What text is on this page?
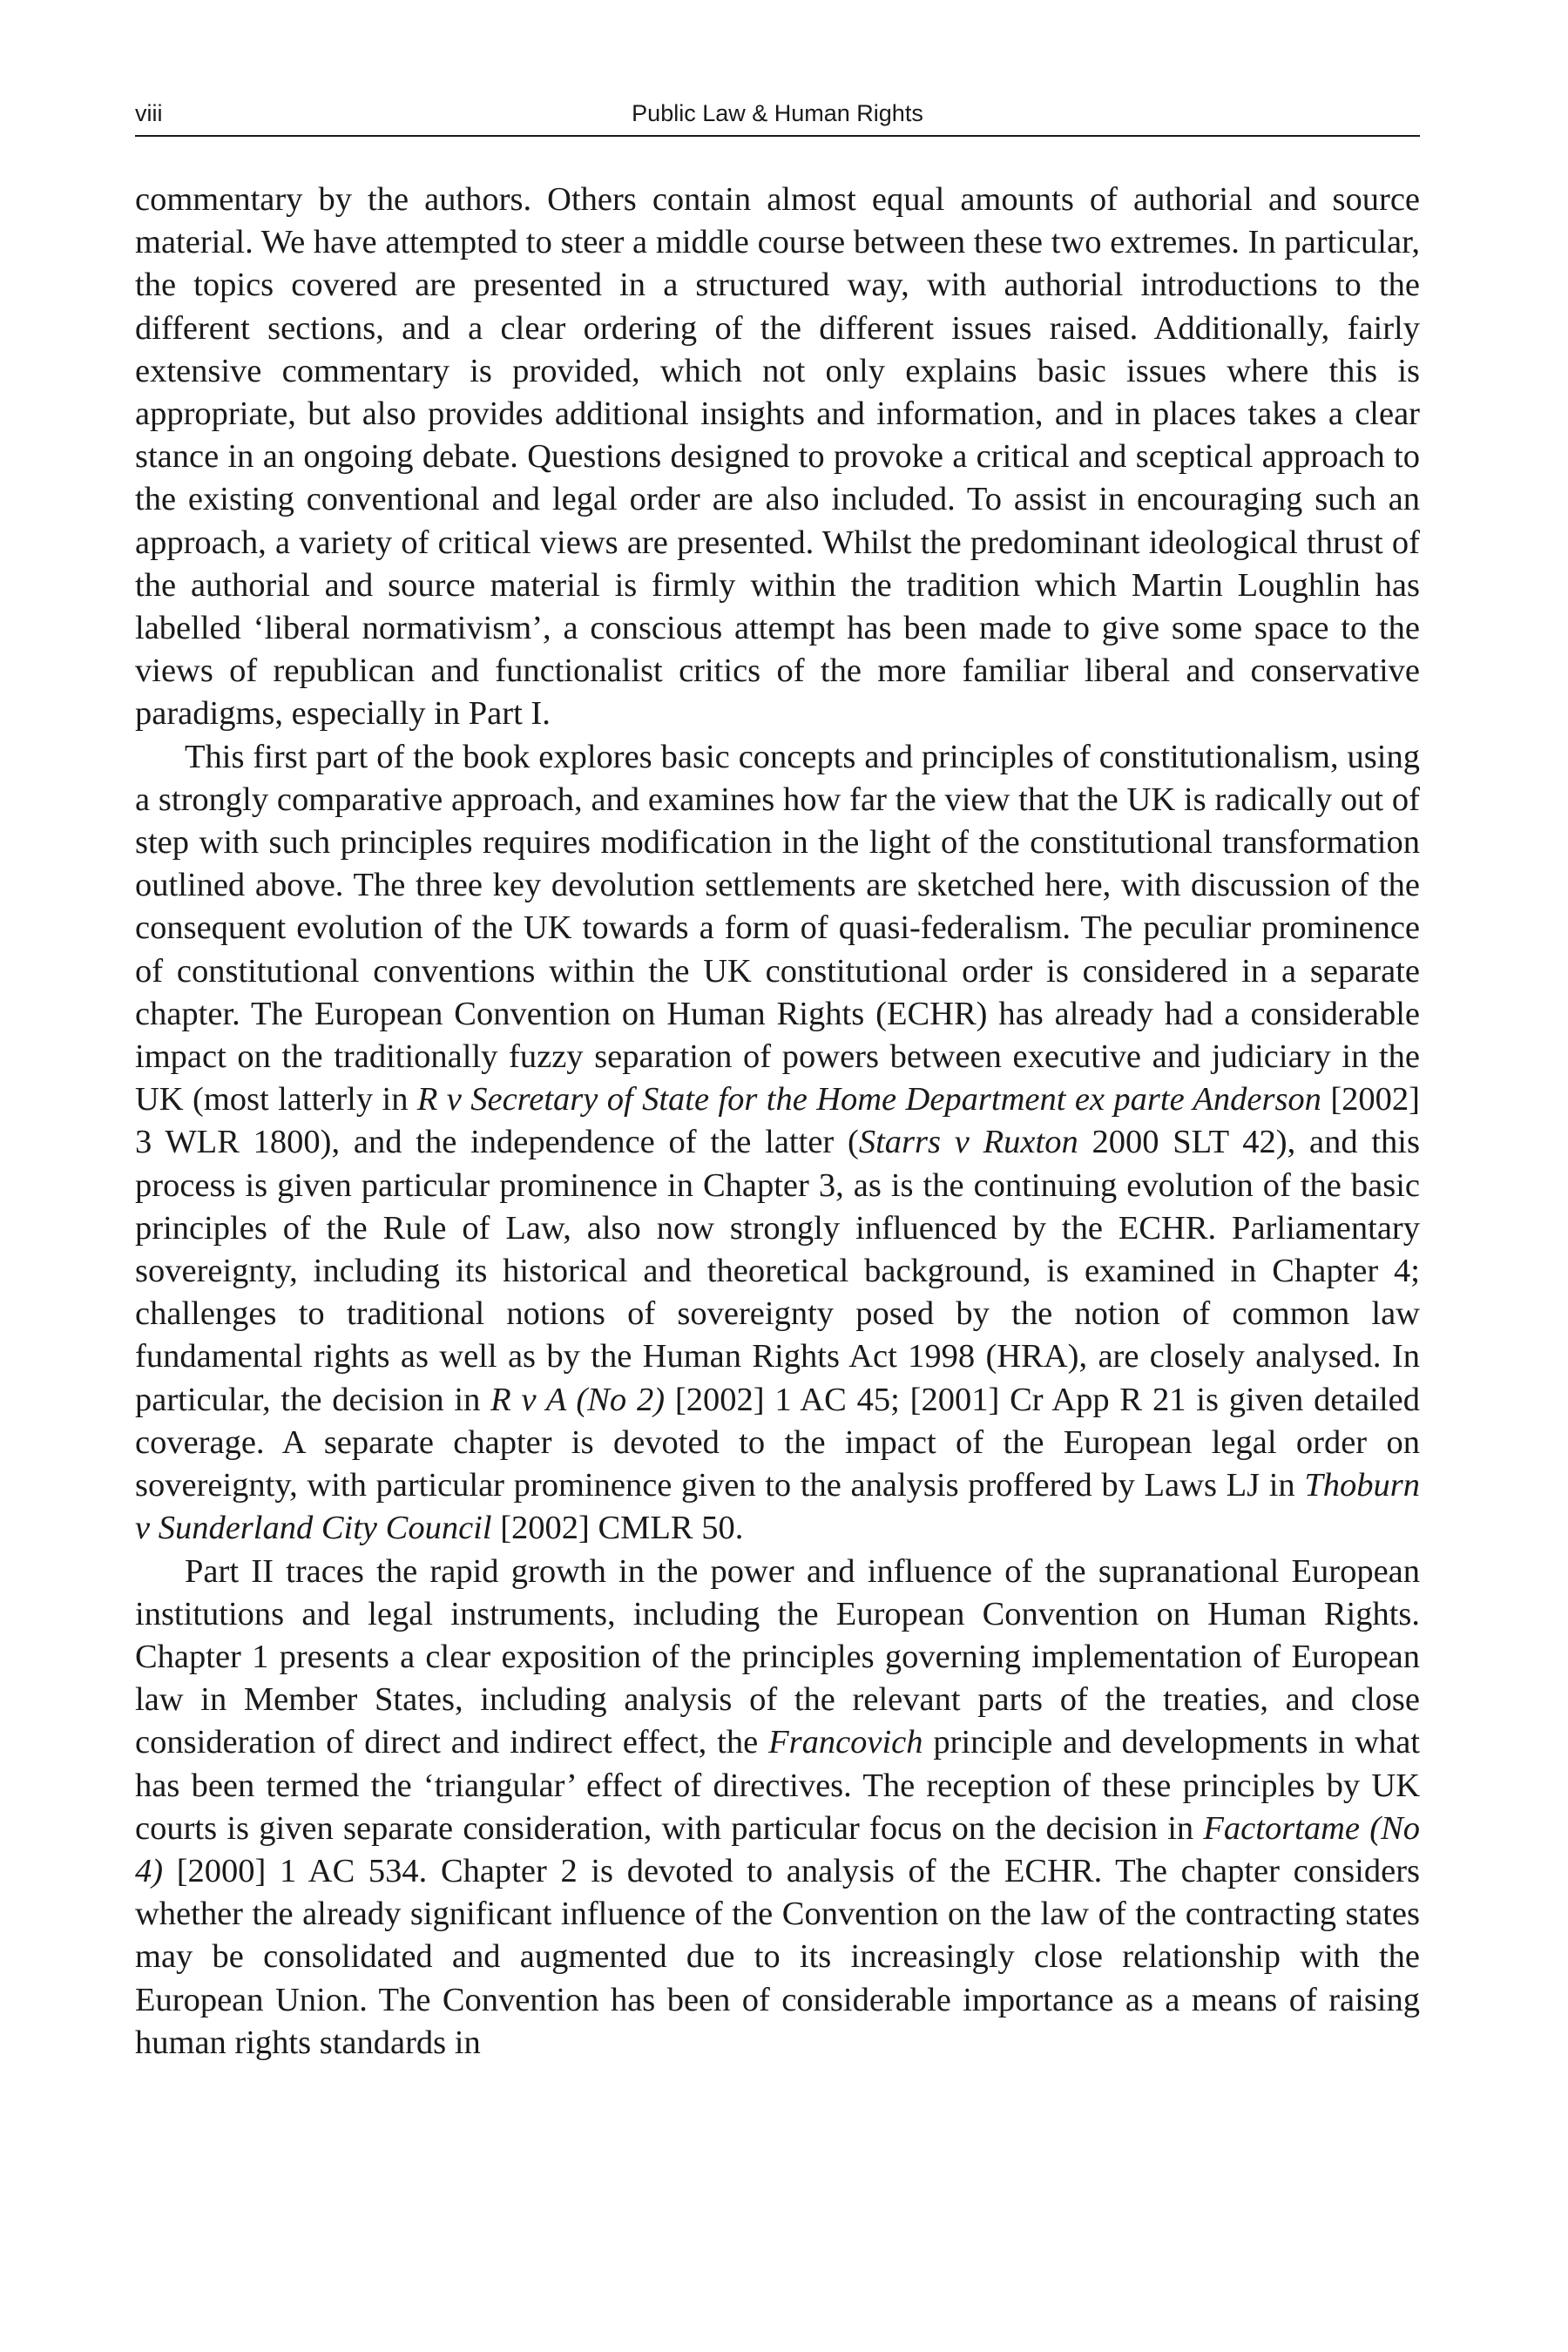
viii	Public Law & Human Rights

commentary by the authors. Others contain almost equal amounts of authorial and source material. We have attempted to steer a middle course between these two extremes. In particular, the topics covered are presented in a structured way, with authorial introductions to the different sections, and a clear ordering of the different issues raised. Additionally, fairly extensive commentary is provided, which not only explains basic issues where this is appropriate, but also provides additional insights and information, and in places takes a clear stance in an ongoing debate. Questions designed to provoke a critical and sceptical approach to the existing conventional and legal order are also included. To assist in encouraging such an approach, a variety of critical views are presented. Whilst the predominant ideological thrust of the authorial and source material is firmly within the tradition which Martin Loughlin has labelled ‘liberal normativism’, a conscious attempt has been made to give some space to the views of republican and functionalist critics of the more familiar liberal and conservative paradigms, especially in Part I.

This first part of the book explores basic concepts and principles of constitutionalism, using a strongly comparative approach, and examines how far the view that the UK is radically out of step with such principles requires modification in the light of the constitutional transformation outlined above. The three key devolution settlements are sketched here, with discussion of the consequent evolution of the UK towards a form of quasi-federalism. The peculiar prominence of constitutional conventions within the UK constitutional order is considered in a separate chapter. The European Convention on Human Rights (ECHR) has already had a considerable impact on the traditionally fuzzy separation of powers between executive and judiciary in the UK (most latterly in R v Secretary of State for the Home Department ex parte Anderson [2002] 3 WLR 1800), and the independence of the latter (Starrs v Ruxton 2000 SLT 42), and this process is given particular prominence in Chapter 3, as is the continuing evolution of the basic principles of the Rule of Law, also now strongly influenced by the ECHR. Parliamentary sovereignty, including its historical and theoretical background, is examined in Chapter 4; challenges to traditional notions of sovereignty posed by the notion of common law fundamental rights as well as by the Human Rights Act 1998 (HRA), are closely analysed. In particular, the decision in R v A (No 2) [2002] 1 AC 45; [2001] Cr App R 21 is given detailed coverage. A separate chapter is devoted to the impact of the European legal order on sovereignty, with particular prominence given to the analysis proffered by Laws LJ in Thoburn v Sunderland City Council [2002] CMLR 50.

Part II traces the rapid growth in the power and influence of the supranational European institutions and legal instruments, including the European Convention on Human Rights. Chapter 1 presents a clear exposition of the principles governing implementation of European law in Member States, including analysis of the relevant parts of the treaties, and close consideration of direct and indirect effect, the Francovich principle and developments in what has been termed the ‘triangular’ effect of directives. The reception of these principles by UK courts is given separate consideration, with particular focus on the decision in Factortame (No 4) [2000] 1 AC 534. Chapter 2 is devoted to analysis of the ECHR. The chapter considers whether the already significant influence of the Convention on the law of the contracting states may be consolidated and augmented due to its increasingly close relationship with the European Union. The Convention has been of considerable importance as a means of raising human rights standards in
